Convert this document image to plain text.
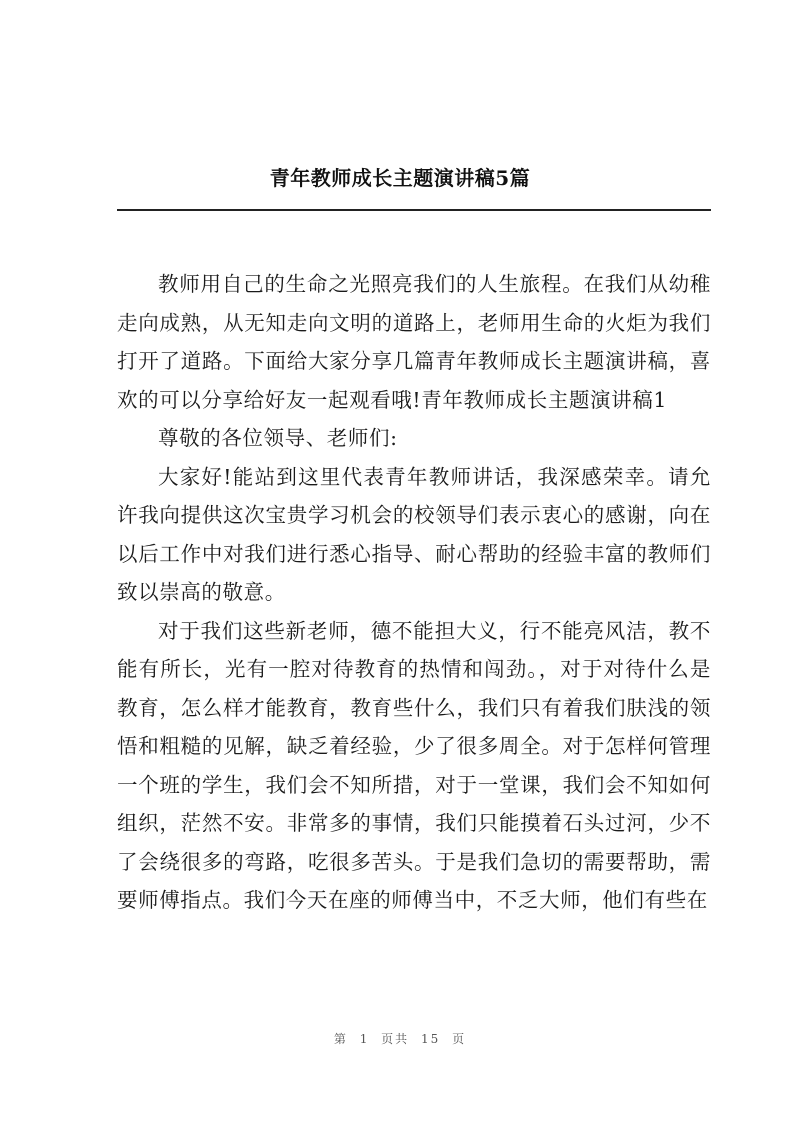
青年教师成长主题演讲稿5篇

教师用自己的生命之光照亮我们的人生旅程。在我们从幼稚走向成熟，从无知走向文明的道路上，老师用生命的火炬为我们打开了道路。下面给大家分享几篇青年教师成长主题演讲稿，喜欢的可以分享给好友一起观看哦!青年教师成长主题演讲稿1

尊敬的各位领导、老师们:

大家好!能站到这里代表青年教师讲话，我深感荣幸。请允许我向提供这次宝贵学习机会的校领导们表示衷心的感谢，向在以后工作中对我们进行悉心指导、耐心帮助的经验丰富的教师们致以崇高的敬意。

对于我们这些新老师，德不能担大义，行不能亮风洁，教不能有所长，光有一腔对待教育的热情和闯劲。，对于对待什么是教育，怎么样才能教育，教育些什么，我们只有着我们肤浅的领悟和粗糙的见解，缺乏着经验，少了很多周全。对于怎样何管理一个班的学生，我们会不知所措，对于一堂课，我们会不知如何组织，茫然不安。非常多的事情，我们只能摸着石头过河，少不了会绕很多的弯路，吃很多苦头。于是我们急切的需要帮助，需要师傅指点。我们今天在座的师傅当中，不乏大师，他们有些在

第 1 页共 15 页
